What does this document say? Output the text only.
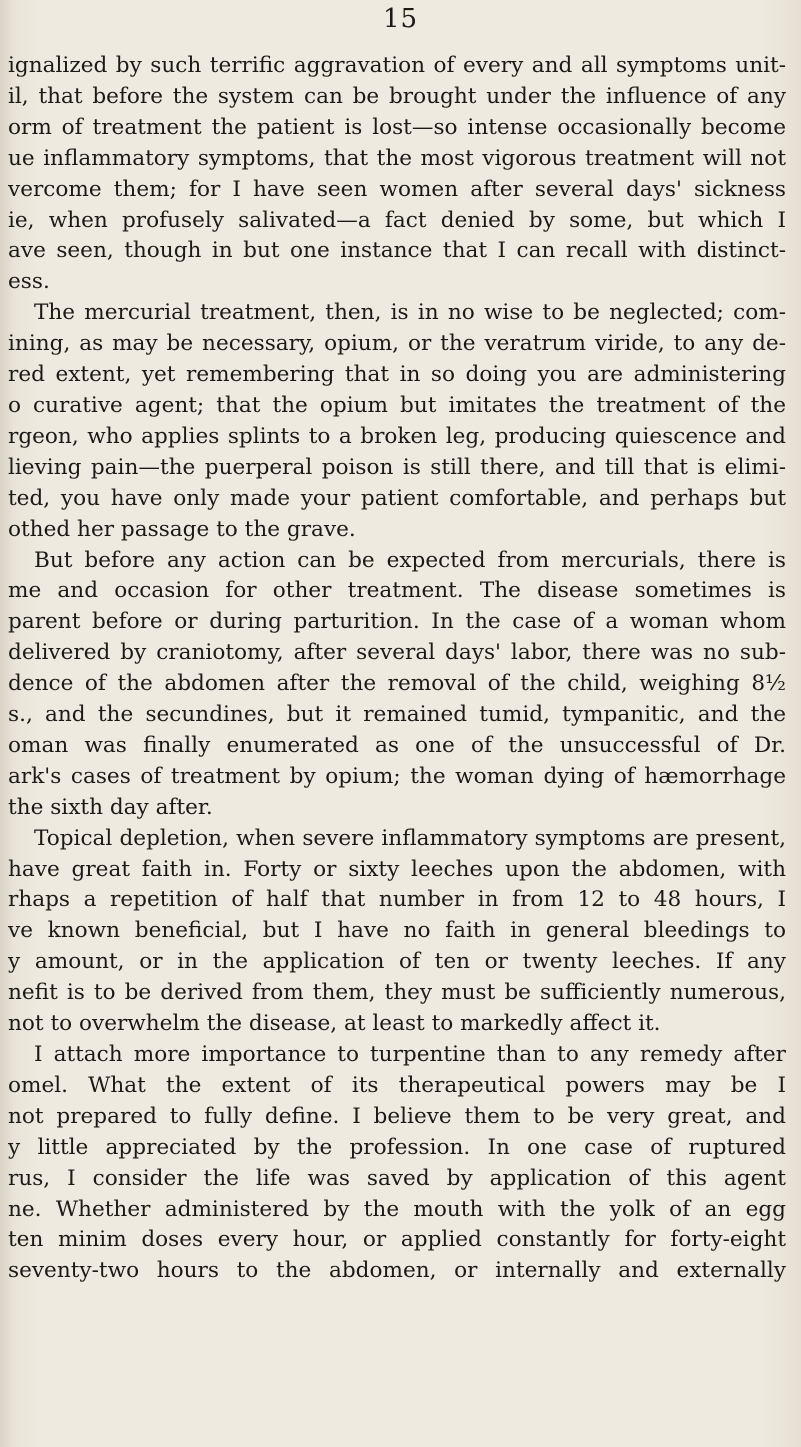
15

ignalized by such terrific aggravation of every and all symptoms unit-
il, that before the system can be brought under the influence of any
orm of treatment the patient is lost—so intense occasionally become
ue inflammatory symptoms, that the most vigorous treatment will not
vercome them; for I have seen women after several days' sickness
ie, when profusely salivated—a fact denied by some, but which I
ave seen, though in but one instance that I can recall with distinct-
ess.

The mercurial treatment, then, is in no wise to be neglected; com-
ining, as may be necessary, opium, or the veratrum viride, to any de-
red extent, yet remembering that in so doing you are administering
o curative agent; that the opium but imitates the treatment of the
rgeon, who applies splints to a broken leg, producing quiescence and
lieving pain—the puerperal poison is still there, and till that is elimi-
ted, you have only made your patient comfortable, and perhaps but
othed her passage to the grave.

But before any action can be expected from mercurials, there is
me and occasion for other treatment. The disease sometimes is
parent before or during parturition. In the case of a woman whom
delivered by craniotomy, after several days' labor, there was no sub-
dence of the abdomen after the removal of the child, weighing 8½
s., and the secundines, but it remained tumid, tympanitic, and the
oman was finally enumerated as one of the unsuccessful of Dr.
ark's cases of treatment by opium; the woman dying of hæmorrhage
the sixth day after.

Topical depletion, when severe inflammatory symptoms are present,
have great faith in. Forty or sixty leeches upon the abdomen, with
rhaps a repetition of half that number in from 12 to 48 hours, I
ve known beneficial, but I have no faith in general bleedings to
y amount, or in the application of ten or twenty leeches. If any
nefit is to be derived from them, they must be sufficiently numerous,
not to overwhelm the disease, at least to markedly affect it.

I attach more importance to turpentine than to any remedy after
omel. What the extent of its therapeutical powers may be I
not prepared to fully define. I believe them to be very great, and
y little appreciated by the profession. In one case of ruptured
rus, I consider the life was saved by application of this agent
ne. Whether administered by the mouth with the yolk of an egg
ten minim doses every hour, or applied constantly for forty-eight
seventy-two hours to the abdomen, or internally and externally
